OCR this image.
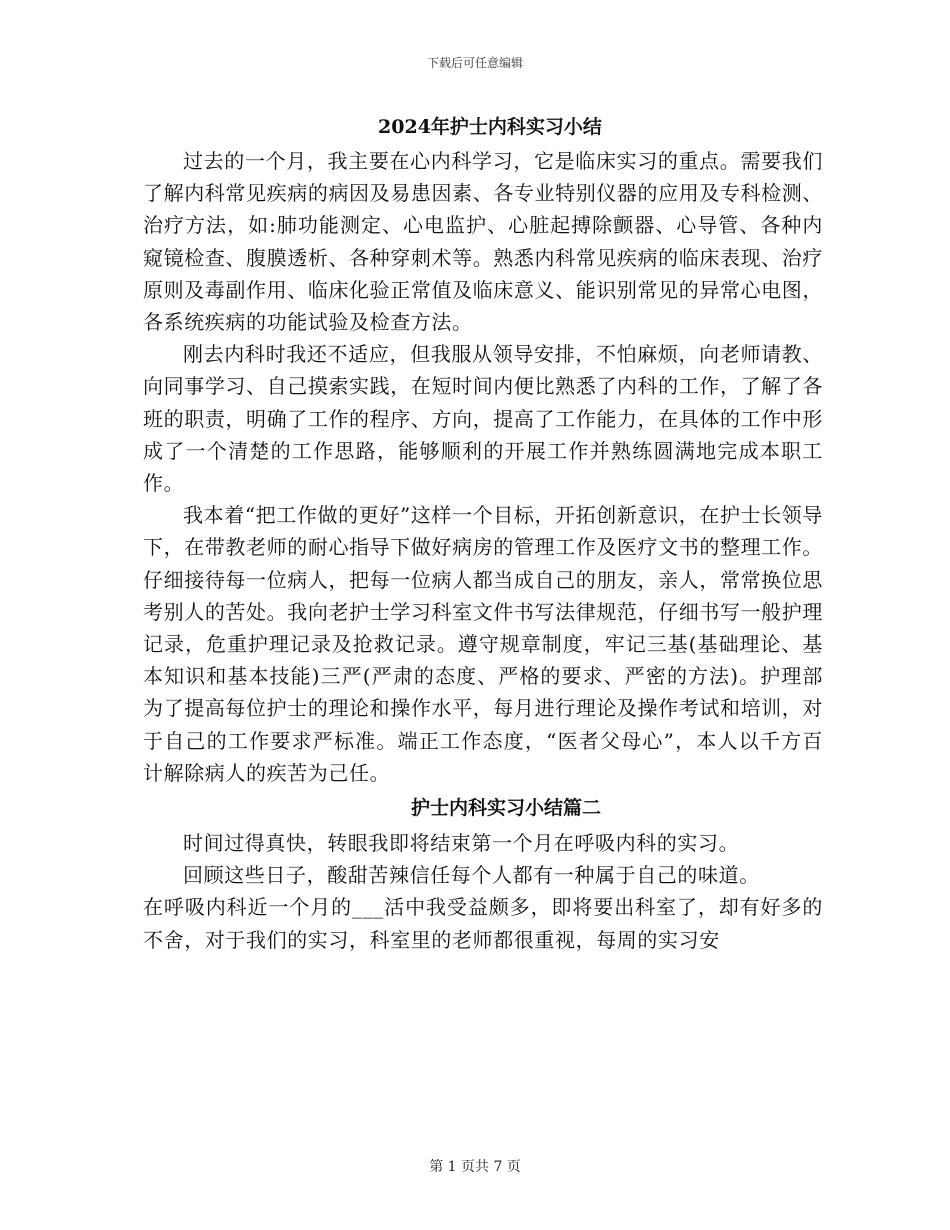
下载后可任意编辑
2024年护士内科实习小结

过去的一个月，我主要在心内科学习，它是临床实习的重点。需要我们了解内科常见疾病的病因及易患因素、各专业特别仪器的应用及专科检测、治疗方法，如:肺功能测定、心电监护、心脏起搏除颤器、心导管、各种内窥镜检查、腹膜透析、各种穿刺术等。熟悉内科常见疾病的临床表现、治疗原则及毒副作用、临床化验正常值及临床意义、能识别常见的异常心电图，各系统疾病的功能试验及检查方法。

刚去内科时我还不适应，但我服从领导安排，不怕麻烦，向老师请教、向同事学习、自己摸索实践，在短时间内便比熟悉了内科的工作，了解了各班的职责，明确了工作的程序、方向，提高了工作能力，在具体的工作中形成了一个清楚的工作思路，能够顺利的开展工作并熟练圆满地完成本职工作。

我本着“把工作做的更好”这样一个目标，开拓创新意识，在护士长领导下，在带教老师的耐心指导下做好病房的管理工作及医疗文书的整理工作。仔细接待每一位病人，把每一位病人都当成自己的朋友，亲人，常常换位思考别人的苦处。我向老护士学习科室文件书写法律规范，仔细书写一般护理记录，危重护理记录及抢救记录。遵守规章制度，牢记三基(基础理论、基本知识和基本技能)三严(严肃的态度、严格的要求、严密的方法)。护理部为了提高每位护士的理论和操作水平，每月进行理论及操作考试和培训，对于自己的工作要求严标准。端正工作态度，“医者父母心”，本人以千方百计解除病人的疾苦为己任。

护士内科实习小结篇二

时间过得真快，转眼我即将结束第一个月在呼吸内科的实习。

回顾这些日子，酸甜苦辣信任每个人都有一种属于自己的味道。

在呼吸内科近一个月的___活中我受益颇多，即将要出科室了，却有好多的不舍，对于我们的实习，科室里的老师都很重视，每周的实习安

第 1 页共 7 页
